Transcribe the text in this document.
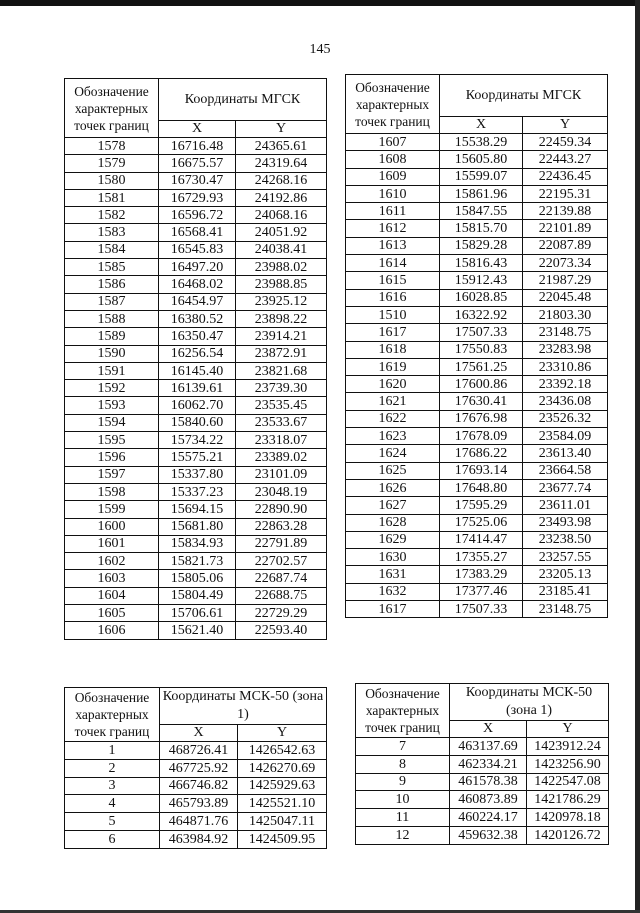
145
Обозначение характерных точек границ	Координаты МГСК	
	X	Y
1578	16716.48	24365.61
1579	16675.57	24319.64
1580	16730.47	24268.16
1581	16729.93	24192.86
1582	16596.72	24068.16
1583	16568.41	24051.92
1584	16545.83	24038.41
1585	16497.20	23988.02
1586	16468.02	23988.85
1587	16454.97	23925.12
1588	16380.52	23898.22
1589	16350.47	23914.21
1590	16256.54	23872.91
1591	16145.40	23821.68
1592	16139.61	23739.30
1593	16062.70	23535.45
1594	15840.60	23533.67
1595	15734.22	23318.07
1596	15575.21	23389.02
1597	15337.80	23101.09
1598	15337.23	23048.19
1599	15694.15	22890.90
1600	15681.80	22863.28
1601	15834.93	22791.89
1602	15821.73	22702.57
1603	15805.06	22687.74
1604	15804.49	22688.75
1605	15706.61	22729.29
1606	15621.40	22593.40
Обозначение характерных точек границ	Координаты МГСК	
	X	Y
1607	15538.29	22459.34
1608	15605.80	22443.27
1609	15599.07	22436.45
1610	15861.96	22195.31
1611	15847.55	22139.88
1612	15815.70	22101.89
1613	15829.28	22087.89
1614	15816.43	22073.34
1615	15912.43	21987.29
1616	16028.85	22045.48
1510	16322.92	21803.30
1617	17507.33	23148.75
1618	17550.83	23283.98
1619	17561.25	23310.86
1620	17600.86	23392.18
1621	17630.41	23436.08
1622	17676.98	23526.32
1623	17678.09	23584.09
1624	17686.22	23613.40
1625	17693.14	23664.58
1626	17648.80	23677.74
1627	17595.29	23611.01
1628	17525.06	23493.98
1629	17414.47	23238.50
1630	17355.27	23257.55
1631	17383.29	23205.13
1632	17377.46	23185.41
1617	17507.33	23148.75
Обозначение характерных точек границ	Координаты МСК-50 (зона 1)	
	X	Y
1	468726.41	1426542.63
2	467725.92	1426270.69
3	466746.82	1425929.63
4	465793.89	1425521.10
5	464871.76	1425047.11
6	463984.92	1424509.95
Обозначение характерных точек границ	Координаты МСК-50 (зона 1)	
	X	Y
7	463137.69	1423912.24
8	462334.21	1423256.90
9	461578.38	1422547.08
10	460873.89	1421786.29
11	460224.17	1420978.18
12	459632.38	1420126.72
